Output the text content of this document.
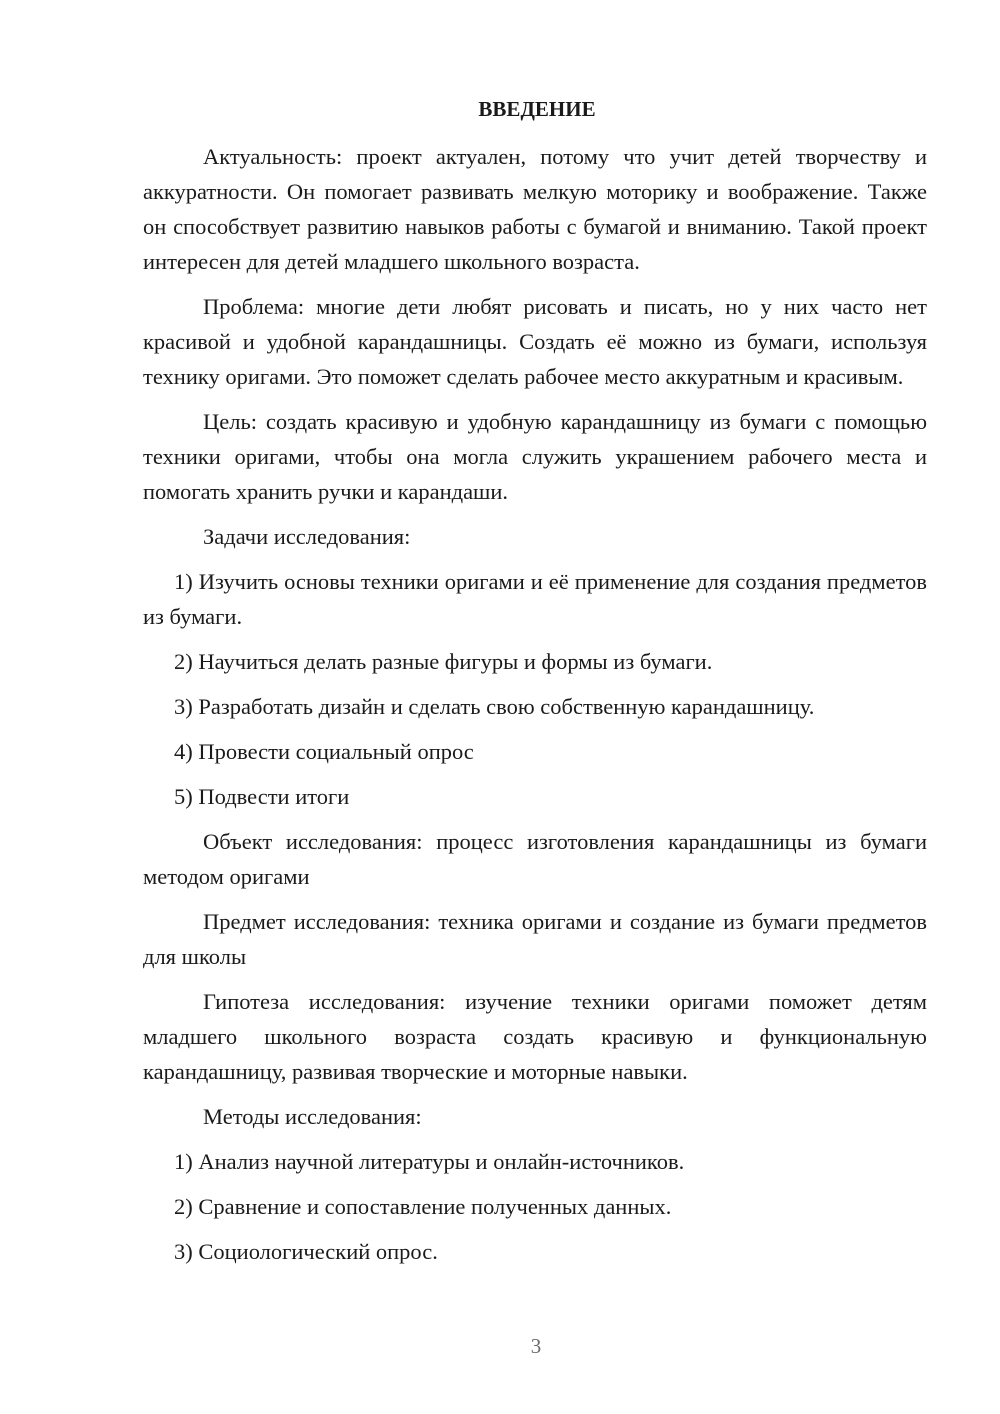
ВВЕДЕНИЕ

Актуальность: проект актуален, потому что учит детей творчеству и аккуратности. Он помогает развивать мелкую моторику и воображение. Также он способствует развитию навыков работы с бумагой и вниманию. Такой проект интересен для детей младшего школьного возраста.

Проблема: многие дети любят рисовать и писать, но у них часто нет красивой и удобной карандашницы. Создать её можно из бумаги, используя технику оригами. Это поможет сделать рабочее место аккуратным и красивым.

Цель: создать красивую и удобную карандашницу из бумаги с помощью техники оригами, чтобы она могла служить украшением рабочего места и помогать хранить ручки и карандаши.

Задачи исследования:

1) Изучить основы техники оригами и её применение для создания предметов из бумаги.

2) Научиться делать разные фигуры и формы из бумаги.

3) Разработать дизайн и сделать свою собственную карандашницу.

4) Провести социальный опрос

5) Подвести итоги

Объект исследования: процесс изготовления карандашницы из бумаги методом оригами

Предмет исследования: техника оригами и создание из бумаги предметов для школы

Гипотеза исследования: изучение техники оригами поможет детям младшего школьного возраста создать красивую и функциональную карандашницу, развивая творческие и моторные навыки.

Методы исследования:

1) Анализ научной литературы и онлайн-источников.

2) Сравнение и сопоставление полученных данных.

3) Социологический опрос.

3
